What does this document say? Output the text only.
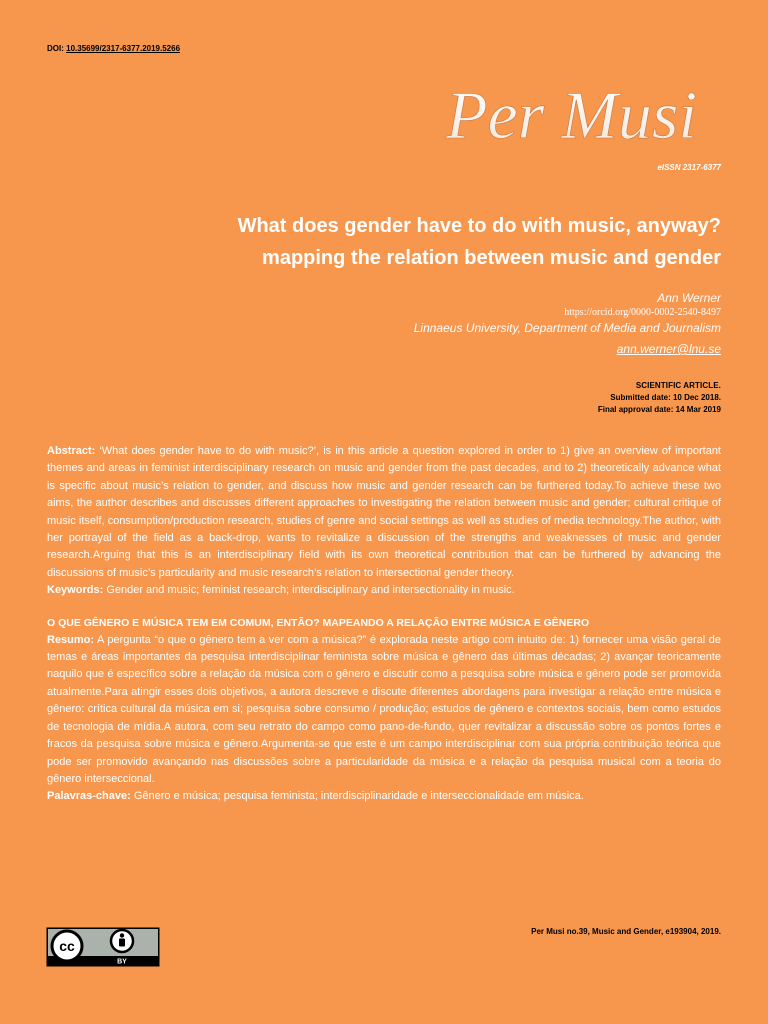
DOI: 10.35699/2317-6377.2019.5266
Per Musi
eISSN 2317-6377
What does gender have to do with music, anyway?
mapping the relation between music and gender
Ann Werner
https://orcid.org/0000-0002-2540-8497
Linnaeus University, Department of Media and Journalism
ann.werner@lnu.se
SCIENTIFIC ARTICLE.
Submitted date: 10 Dec 2018.
Final approval date: 14 Mar 2019

Abstract: ‘What does gender have to do with music?’, is in this article a question explored in order to 1) give an overview of important themes and areas in feminist interdisciplinary research on music and gender from the past decades, and to 2) theoretically advance what is specific about music’s relation to gender, and discuss how music and gender research can be furthered today.To achieve these two aims, the author describes and discusses different approaches to investigating the relation between music and gender; cultural critique of music itself, consumption/production research, studies of genre and social settings as well as studies of media technology.The author, with her portrayal of the field as a back-drop, wants to revitalize a discussion of the strengths and weaknesses of music and gender research.Arguing that this is an interdisciplinary field with its own theoretical contribution that can be furthered by advancing the discussions of music’s particularity and music research’s relation to intersectional gender theory.

Keywords: Gender and music; feminist research; interdisciplinary and intersectionality in music.

O QUE GÊNERO E MÚSICA TEM EM COMUM, ENTÃO? MAPEANDO A RELAÇÃO ENTRE MÚSICA E GÊNERO

Resumo: A pergunta “o que o gênero tem a ver com a música?” é explorada neste artigo com intuito de: 1) fornecer uma visão geral de temas e áreas importantes da pesquisa interdisciplinar feminista sobre música e gênero das últimas décadas; 2) avançar teoricamente naquilo que é específico sobre a relação da música com o gênero e discutir como a pesquisa sobre música e gênero pode ser promovida atualmente.Para atingir esses dois objetivos, a autora descreve e discute diferentes abordagens para investigar a relação entre música e gênero: crítica cultural da música em si; pesquisa sobre consumo / produção; estudos de gênero e contextos sociais, bem como estudos de tecnologia de mídia.A autora, com seu retrato do campo como pano-de-fundo, quer revitalizar a discussão sobre os pontos fortes e fracos da pesquisa sobre música e gênero.Argumenta-se que este é um campo interdisciplinar com sua própria contribuição teórica que pode ser promovido avançando nas discussões sobre a particularidade da música e a relação da pesquisa musical com a teoria do gênero interseccional.

Palavras-chave: Gênero e música; pesquisa feminista; interdisciplinaridade e interseccionalidade em música.

cc
BY
Per Musi no.39, Music and Gender, e193904, 2019.
